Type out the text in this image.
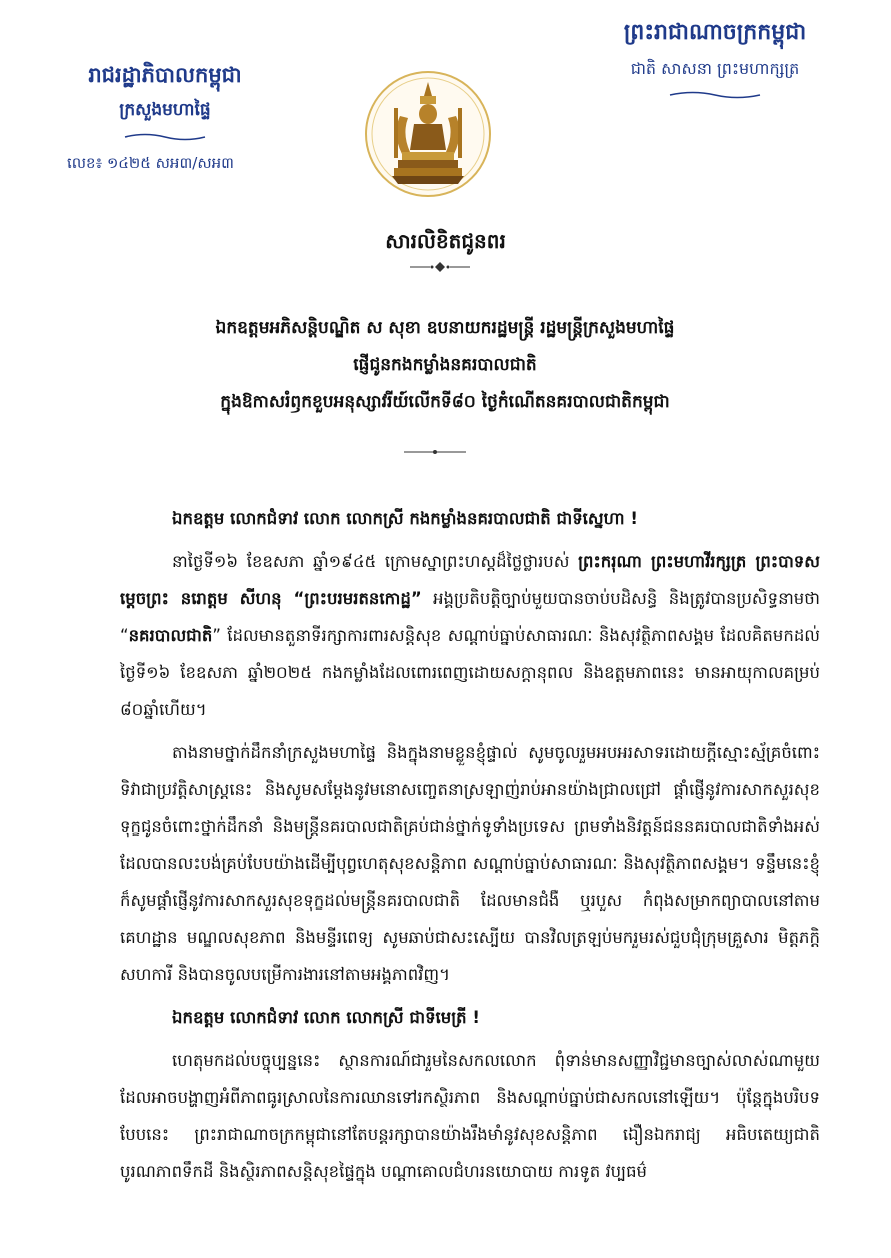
រាជរដ្ឋាភិបាលកម្ពុជា
ក្រសួងមហាផ្ទៃ
លេខ៖ ១៤២៥ សអ៣/សអ៣
ព្រះរាជាណាចក្រកម្ពុជា
ជាតិ សាសនា ព្រះមហាក្សត្រ
សារលិខិតជូនពរ
ឯកឧត្តមអភិសន្តិបណ្ឌិត ស សុខា ឧបនាយករដ្ឋមន្ត្រី រដ្ឋមន្ត្រីក្រសួងមហាផ្ទៃ
ផ្ញើជូនកងកម្លាំងនគរបាលជាតិ
ក្នុងឱកាសរំឭកខួបអនុស្សាវរីយ៍លើកទី៨០ ថ្ងៃកំណើតនគរបាលជាតិកម្ពុជា

ឯកឧត្តម លោកជំទាវ លោក លោកស្រី កងកម្លាំងនគរបាលជាតិ ជាទីស្នេហា !

នាថ្ងៃទី១៦ ខែឧសភា ឆ្នាំ១៩៤៥ ក្រោមស្នាព្រះហស្តដ៏ថ្លៃថ្លារបស់ ព្រះករុណា ព្រះមហាវីរក្សត្រ ព្រះបាទសម្តេចព្រះ នរោត្តម សីហនុ “ព្រះបរមរតនកោដ្ឋ” អង្គប្រតិបត្តិច្បាប់មួយបានចាប់បដិសន្ធិ និងត្រូវបានប្រសិទ្ធនាមថា “នគរបាលជាតិ” ដែលមានតួនាទីរក្សាការពារសន្តិសុខ សណ្តាប់ធ្នាប់សាធារណៈ និងសុវត្ថិភាពសង្គម ដែលគិតមកដល់ថ្ងៃទី១៦ ខែឧសភា ឆ្នាំ២០២៥ កងកម្លាំងដែលពោរពេញដោយសក្តានុពល និងឧត្តមភាពនេះ មានអាយុកាលគម្រប់ ៨០ឆ្នាំហើយ។

តាងនាមថ្នាក់ដឹកនាំក្រសួងមហាផ្ទៃ និងក្នុងនាមខ្លួនខ្ញុំផ្ទាល់ សូមចូលរួមអបអរសាទរដោយក្តីស្មោះស្ម័គ្រចំពោះទិវាជាប្រវត្តិសាស្ត្រនេះ និងសូមសម្តែងនូវមនោសញ្ចេតនាស្រឡាញ់រាប់អានយ៉ាងជ្រាលជ្រៅ ផ្តាំផ្ញើនូវការសាកសួរសុខទុក្ខជូនចំពោះថ្នាក់ដឹកនាំ និងមន្ត្រីនគរបាលជាតិគ្រប់ជាន់ថ្នាក់ទូទាំងប្រទេស ព្រមទាំងនិវត្តន៍ជននគរបាលជាតិទាំងអស់ ដែលបានលះបង់គ្រប់បែបយ៉ាងដើម្បីបុព្វហេតុសុខសន្តិភាព សណ្តាប់ធ្នាប់សាធារណៈ និងសុវត្ថិភាពសង្គម។ ទន្ទឹមនេះខ្ញុំក៏សូមផ្តាំផ្ញើនូវការសាកសួរសុខទុក្ខដល់មន្ត្រីនគរបាលជាតិ ដែលមានជំងឺ ឬរបួស កំពុងសម្រាកព្យាបាលនៅតាមគេហដ្ឋាន មណ្ឌលសុខភាព និងមន្ទីរពេទ្យ សូមឆាប់ជាសះស្បើយ បានវិលត្រឡប់មករួមរស់ជួបជុំក្រុមគ្រួសារ មិត្តភក្តិ សហការី និងបានចូលបម្រើការងារនៅតាមអង្គភាពវិញ។

ឯកឧត្តម លោកជំទាវ លោក លោកស្រី ជាទីមេត្រី !

ហេតុមកដល់បច្ចុប្បន្ននេះ ស្ថានការណ៍ជារួមនៃសកលលោក ពុំទាន់មានសញ្ញាវិជ្ជមានច្បាស់លាស់ណាមួយ ដែលអាចបង្ហាញអំពីភាពធូរស្រាលនៃការឈានទៅរកស្ថិរភាព និងសណ្តាប់ធ្នាប់ជាសកលនៅឡើយ។ ប៉ុន្តែក្នុងបរិបទបែបនេះ ព្រះរាជាណាចក្រកម្ពុជានៅតែបន្តរក្សាបានយ៉ាងរឹងមាំនូវសុខសន្តិភាព ឯឿនឯករាជ្យ អធិបតេយ្យជាតិ បូរណភាពទឹកដី និងស្ថិរភាពសន្តិសុខផ្ទៃក្នុង បណ្តាគោលជំហរនយោបាយ ការទូត វប្បធម៌
